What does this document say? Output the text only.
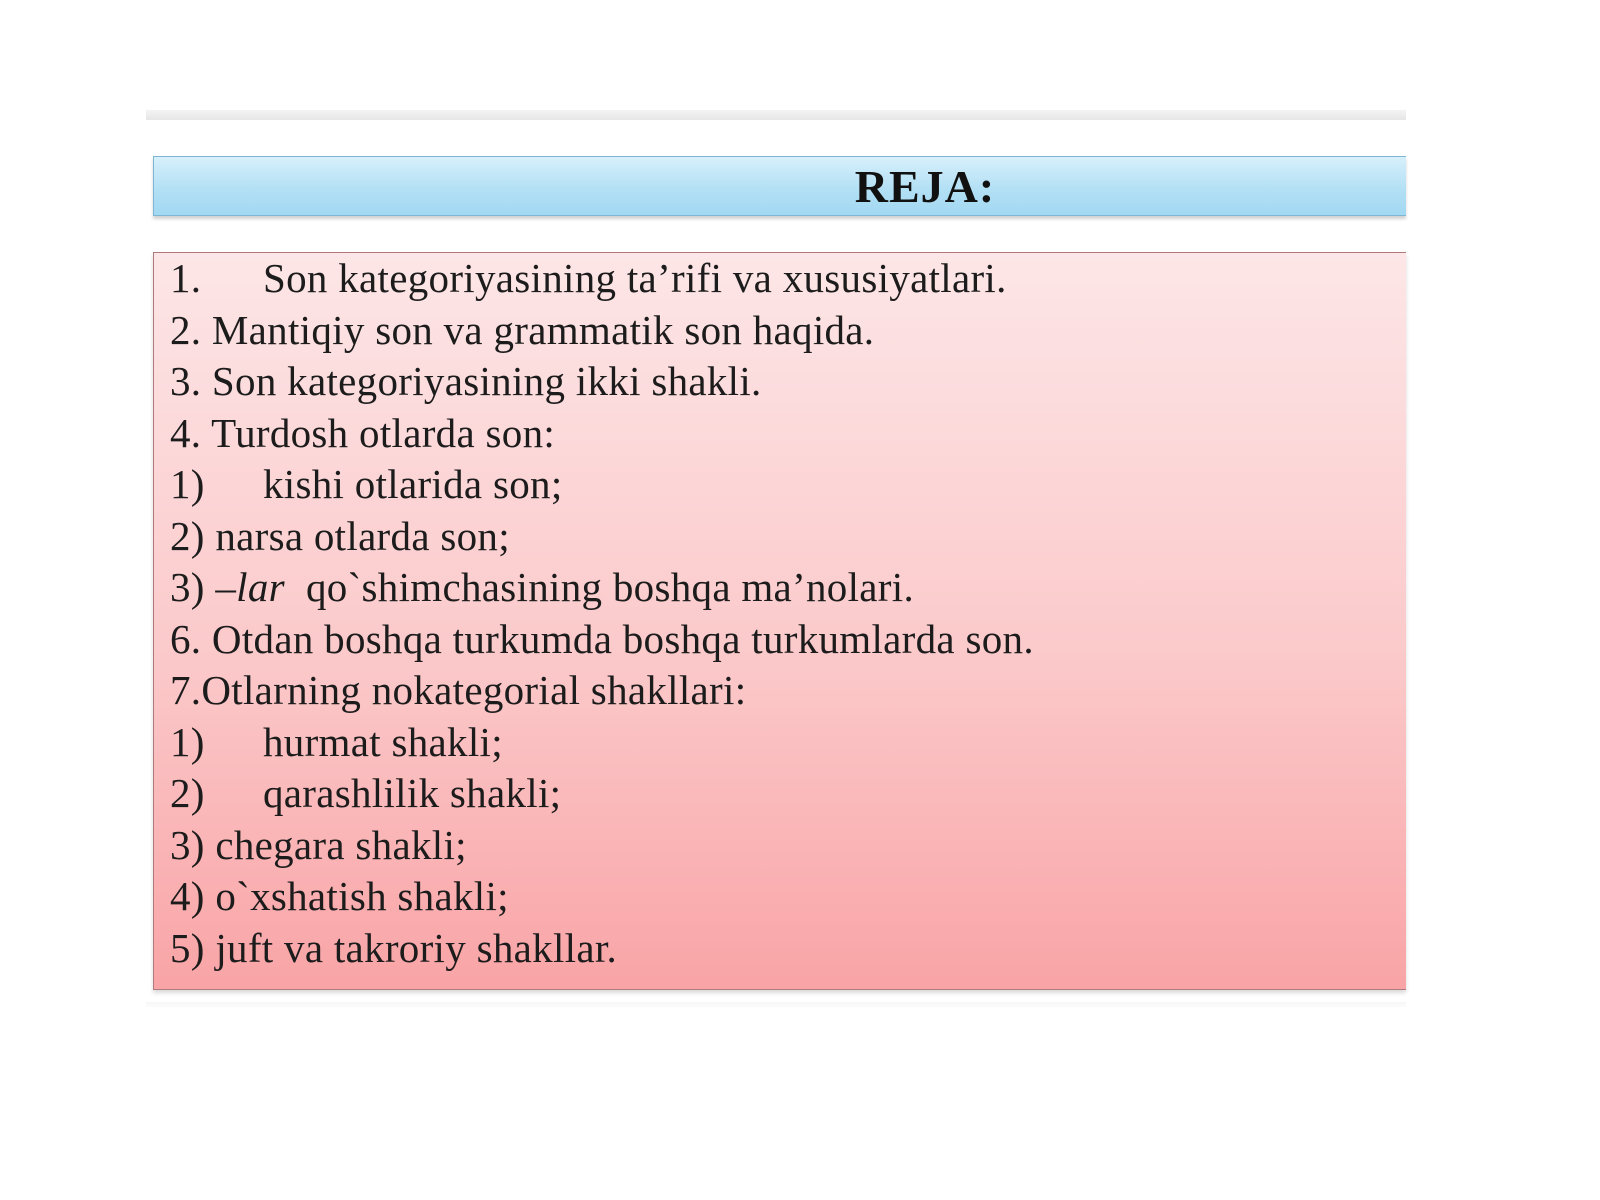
REJA:
1. Son kategoriyasining ta’rifi va xususiyatlari.
2. Mantiqiy son va grammatik son haqida.
3. Son kategoriyasining ikki shakli.
4. Turdosh otlarda son:
1) kishi otlarida son;
2) narsa otlarda son;
3) –lar  qo`shimchasining boshqa ma’nolari.
6. Otdan boshqa turkumda boshqa turkumlarda son.
7.Otlarning nokategorial shakllari:
1) hurmat shakli;
2) qarashlilik shakli;
3) chegara shakli;
4) o`xshatish shakli;
5) juft va takroriy shakllar.
